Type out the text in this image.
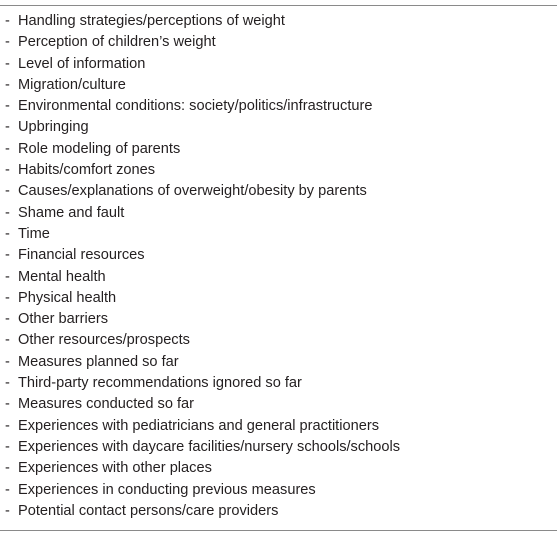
- Handling strategies/perceptions of weight
- Perception of children’s weight
- Level of information
- Migration/culture
- Environmental conditions: society/politics/infrastructure
- Upbringing
- Role modeling of parents
- Habits/comfort zones
- Causes/explanations of overweight/obesity by parents
- Shame and fault
- Time
- Financial resources
- Mental health
- Physical health
- Other barriers
- Other resources/prospects
- Measures planned so far
- Third-party recommendations ignored so far
- Measures conducted so far
- Experiences with pediatricians and general practitioners
- Experiences with daycare facilities/nursery schools/schools
- Experiences with other places
- Experiences in conducting previous measures
- Potential contact persons/care providers
